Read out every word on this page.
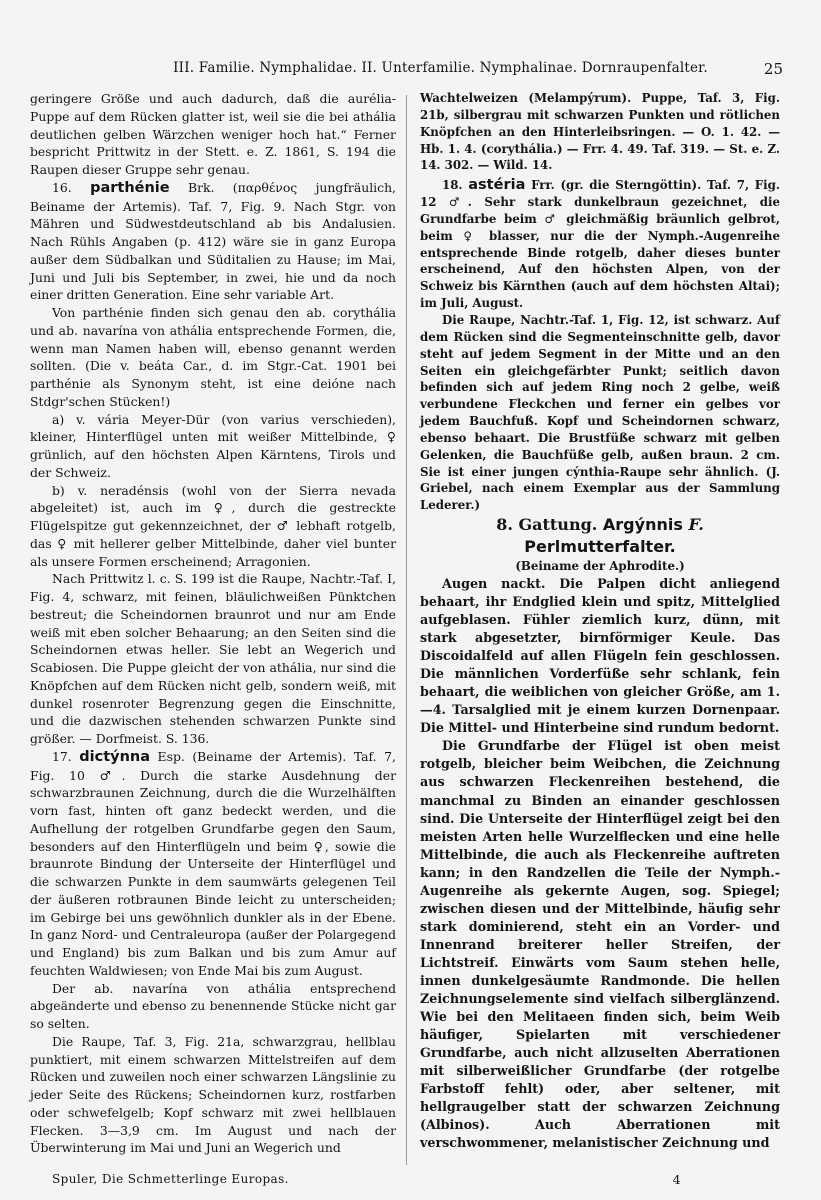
III. Familie. Nymphalidae. II. Unterfamilie. Nymphalinae. Dornraupenfalter.	25

geringere Größe und auch dadurch, daß die aurélia-Puppe auf dem Rücken glatter ist, weil sie die bei athália deutlichen gelben Wärzchen weniger hoch hat.“ Ferner bespricht Prittwitz in der Stett. e. Z. 1861, S. 194 die Raupen dieser Gruppe sehr genau.

16. parthénie Brk. (παρθένος jungfräulich, Beiname der Artemis). Taf. 7, Fig. 9. Nach Stgr. von Mähren und Südwestdeutschland ab bis Andalusien. Nach Rühls Angaben (p. 412) wäre sie in ganz Europa außer dem Südbalkan und Süditalien zu Hause; im Mai, Juni und Juli bis September, in zwei, hie und da noch einer dritten Generation. Eine sehr variable Art.

Von parthénie finden sich genau den ab. corythália und ab. navarína von athália entsprechende Formen, die, wenn man Namen haben will, ebenso genannt werden sollten. (Die v. beáta Car., d. im Stgr.-Cat. 1901 bei parthénie als Synonym steht, ist eine deióne nach Stdgr'schen Stücken!)

a) v. vária Meyer-Dür (von varius verschieden), kleiner, Hinterflügel unten mit weißer Mittelbinde, ♀ grünlich, auf den höchsten Alpen Kärntens, Tirols und der Schweiz.

b) v. neradénsis (wohl von der Sierra nevada abgeleitet) ist, auch im ♀, durch die gestreckte Flügelspitze gut gekennzeichnet, der ♂ lebhaft rotgelb, das ♀ mit hellerer gelber Mittelbinde, daher viel bunter als unsere Formen erscheinend; Arragonien.

Nach Prittwitz l. c. S. 199 ist die Raupe, Nachtr.-Taf. I, Fig. 4, schwarz, mit feinen, bläulichweißen Pünktchen bestreut; die Scheindornen braunrot und nur am Ende weiß mit eben solcher Behaarung; an den Seiten sind die Scheindornen etwas heller. Sie lebt an Wegerich und Scabiosen. Die Puppe gleicht der von athália, nur sind die Knöpfchen auf dem Rücken nicht gelb, sondern weiß, mit dunkel rosenroter Begrenzung gegen die Einschnitte, und die dazwischen stehenden schwarzen Punkte sind größer. — Dorfmeist. S. 136.

17. dictýnna Esp. (Beiname der Artemis). Taf. 7, Fig. 10 ♂. Durch die starke Ausdehnung der schwarzbraunen Zeichnung, durch die die Wurzelhälften vorn fast, hinten oft ganz bedeckt werden, und die Aufhellung der rotgelben Grundfarbe gegen den Saum, besonders auf den Hinterflügeln und beim ♀, sowie die braunrote Bindung der Unterseite der Hinterflügel und die schwarzen Punkte in dem saumwärts gelegenen Teil der äußeren rotbraunen Binde leicht zu unterscheiden; im Gebirge bei uns gewöhnlich dunkler als in der Ebene. In ganz Nord- und Centraleuropa (außer der Polargegend und England) bis zum Balkan und bis zum Amur auf feuchten Waldwiesen; von Ende Mai bis zum August.

Der ab. navarína von athália entsprechend abgeänderte und ebenso zu benennende Stücke nicht gar so selten.

Die Raupe, Taf. 3, Fig. 21a, schwarzgrau, hellblau punktiert, mit einem schwarzen Mittelstreifen auf dem Rücken und zuweilen noch einer schwarzen Längslinie zu jeder Seite des Rückens; Scheindornen kurz, rostfarben oder schwefelgelb; Kopf schwarz mit zwei hellblauen Flecken. 3—3,9 cm. Im August und nach der Überwinterung im Mai und Juni an Wegerich und

Wachtelweizen (Melampýrum). Puppe, Taf. 3, Fig. 21b, silbergrau mit schwarzen Punkten und rötlichen Knöpfchen an den Hinterleibsringen. — O. 1. 42. — Hb. 1. 4. (corythália.) — Frr. 4. 49. Taf. 319. — St. e. Z. 14. 302. — Wild. 14.

18. astéria Frr. (gr. die Sterngöttin). Taf. 7, Fig. 12 ♂. Sehr stark dunkelbraun gezeichnet, die Grundfarbe beim ♂ gleichmäßig bräunlich gelbrot, beim ♀ blasser, nur die der Nymph.-Augenreihe entsprechende Binde rotgelb, daher dieses bunter erscheinend, Auf den höchsten Alpen, von der Schweiz bis Kärnthen (auch auf dem höchsten Altai); im Juli, August.

Die Raupe, Nachtr.-Taf. 1, Fig. 12, ist schwarz. Auf dem Rücken sind die Segmenteinschnitte gelb, davor steht auf jedem Segment in der Mitte und an den Seiten ein gleichgefärbter Punkt; seitlich davon befinden sich auf jedem Ring noch 2 gelbe, weiß verbundene Fleckchen und ferner ein gelbes vor jedem Bauchfuß. Kopf und Scheindornen schwarz, ebenso behaart. Die Brustfüße schwarz mit gelben Gelenken, die Bauchfüße gelb, außen braun. 2 cm. Sie ist einer jungen cýnthia-Raupe sehr ähnlich. (J. Griebel, nach einem Exemplar aus der Sammlung Lederer.)

8. Gattung. Argýnnis F. Perlmutterfalter.

(Beiname der Aphrodite.)

Augen nackt. Die Palpen dicht anliegend behaart, ihr Endglied klein und spitz, Mittelglied aufgeblasen. Fühler ziemlich kurz, dünn, mit stark abgesetzter, birnförmiger Keule. Das Discoidalfeld auf allen Flügeln fein geschlossen. Die männlichen Vorderfüße sehr schlank, fein behaart, die weiblichen von gleicher Größe, am 1.—4. Tarsalglied mit je einem kurzen Dornenpaar. Die Mittel- und Hinterbeine sind rundum bedornt.

Die Grundfarbe der Flügel ist oben meist rotgelb, bleicher beim Weibchen, die Zeichnung aus schwarzen Fleckenreihen bestehend, die manchmal zu Binden an einander geschlossen sind. Die Unterseite der Hinterflügel zeigt bei den meisten Arten helle Wurzelflecken und eine helle Mittelbinde, die auch als Fleckenreihe auftreten kann; in den Randzellen die Teile der Nymph.-Augenreihe als gekernte Augen, sog. Spiegel; zwischen diesen und der Mittelbinde, häufig sehr stark dominierend, steht ein an Vorder- und Innenrand breiterer heller Streifen, der Lichtstreif. Einwärts vom Saum stehen helle, innen dunkelgesäumte Randmonde. Die hellen Zeichnungselemente sind vielfach silberglänzend. Wie bei den Melitaeen finden sich, beim Weib häufiger, Spielarten mit verschiedener Grundfarbe, auch nicht allzuselten Aberrationen mit silberweißlicher Grundfarbe (der rotgelbe Farbstoff fehlt) oder, aber seltener, mit hellgraugelber statt der schwarzen Zeichnung (Albinos). Auch Aberrationen mit verschwommener, melanistischer Zeichnung und

Spuler, Die Schmetterlinge Europas.	4
